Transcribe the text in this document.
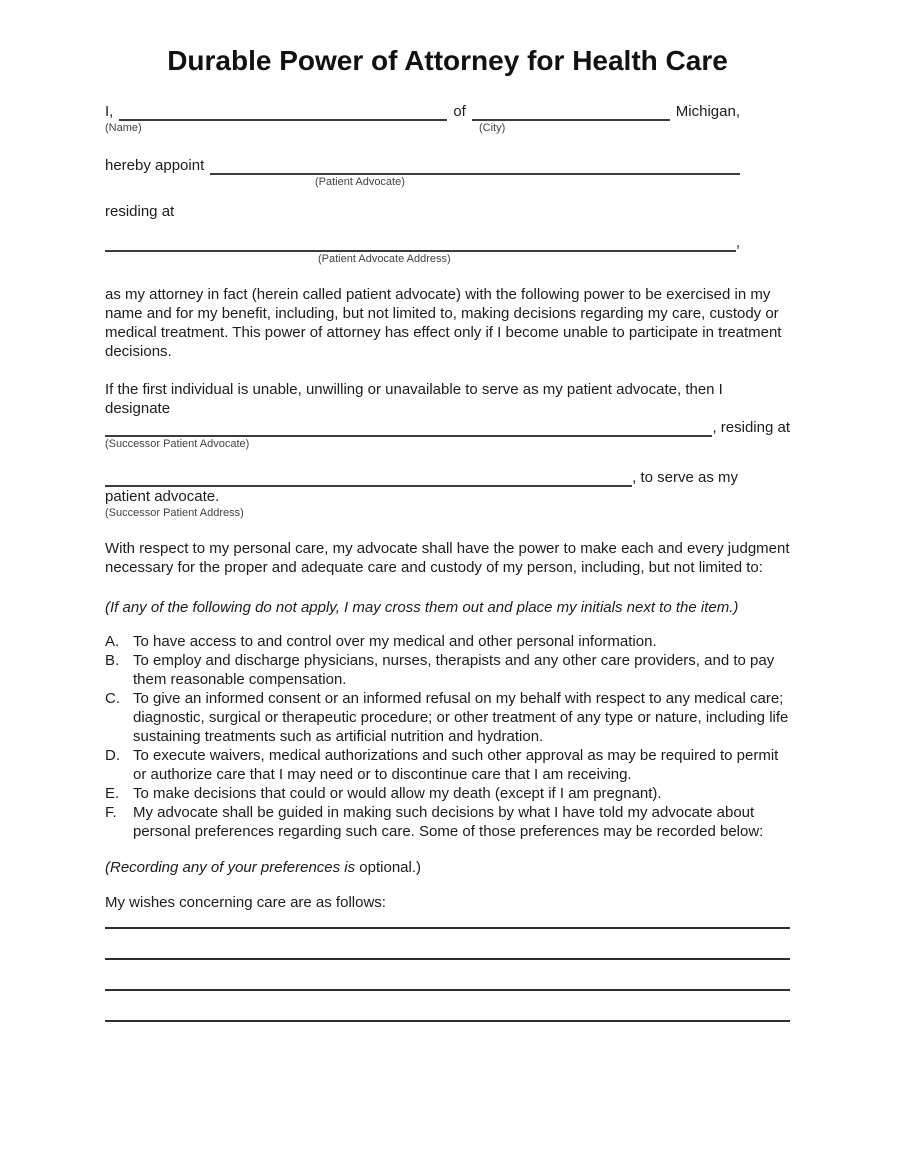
Durable Power of Attorney for Health Care
I,	of	Michigan,
(Name)	(City)
hereby appoint
(Patient Advocate)

residing at

,
(Patient Advocate Address)

as my attorney in fact (herein called patient advocate) with the following power to be exercised in my name and for my benefit, including, but not limited to, making decisions regarding my care, custody or medical treatment. This power of attorney has effect only if I become unable to participate in treatment decisions.

If the first individual is unable, unwilling or unavailable to serve as my patient advocate, then I designate

, residing at
(Successor Patient Advocate)
, to serve as my

patient advocate.

(Successor Patient Address)

With respect to my personal care, my advocate shall have the power to make each and every judgment necessary for the proper and adequate care and custody of my person, including, but not limited to:

(If any of the following do not apply, I may cross them out and place my initials next to the item.)

A. To have access to and control over my medical and other personal information.
B. To employ and discharge physicians, nurses, therapists and any other care providers, and to pay them reasonable compensation.
C. To give an informed consent or an informed refusal on my behalf with respect to any medical care; diagnostic, surgical or therapeutic procedure; or other treatment of any type or nature, including life sustaining treatments such as artificial nutrition and hydration.
D. To execute waivers, medical authorizations and such other approval as may be required to permit or authorize care that I may need or to discontinue care that I am receiving.
E. To make decisions that could or would allow my death (except if I am pregnant).
F.	My advocate shall be guided in making such decisions by what I have told my advocate about personal preferences regarding such care. Some of those preferences may be recorded below:

(Recording any of your preferences is optional.)

My wishes concerning care are as follows:
